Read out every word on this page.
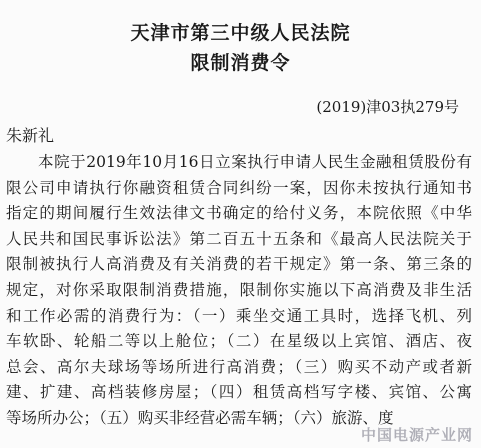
天津市第三中级人民法院
限制消费令
(2019)津03执279号
朱新礼
本院于2019年10月16日立案执行申请人民生金融租赁股份有
限公司申请执行你融资租赁合同纠纷一案，因你未按执行通知书
指定的期间履行生效法律文书确定的给付义务，本院依照《中华
人民共和国民事诉讼法》第二百五十五条和《最高人民法院关于
限制被执行人高消费及有关消费的若干规定》第一条、第三条的
规定，对你采取限制消费措施，限制你实施以下高消费及非生活
和工作必需的消费行为：（一）乘坐交通工具时，选择飞机、列
车软卧、轮船二等以上舱位；（二）在星级以上宾馆、酒店、夜
总会、高尔夫球场等场所进行高消费；（三）购买不动产或者新
建、扩建、高档装修房屋；（四）租赁高档写字楼、宾馆、公寓
等场所办公；（五）购买非经营必需车辆；（六）旅游、度
中国电源产业网
